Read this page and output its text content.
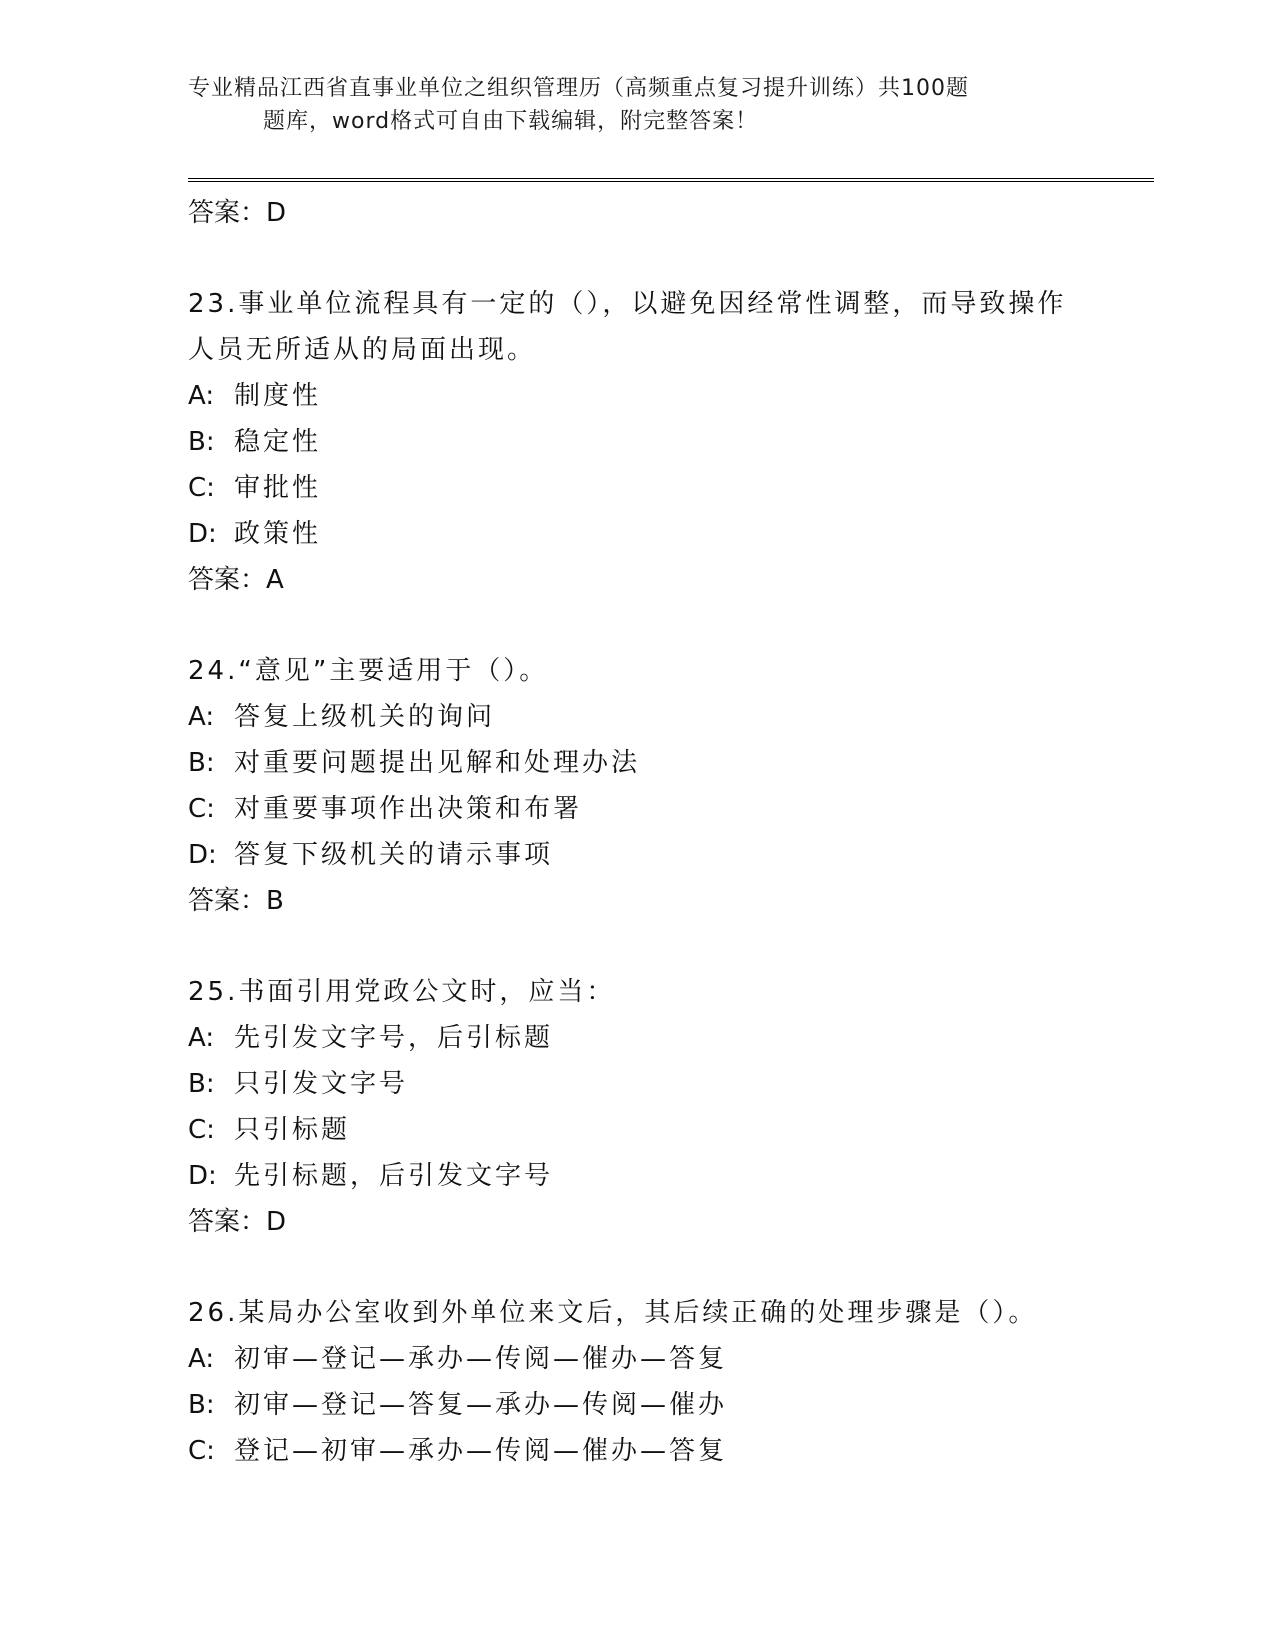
专业精品江西省直事业单位之组织管理历（高频重点复习提升训练）共100题
题库，word格式可自由下载编辑，附完整答案！

答案：D

23.事业单位流程具有一定的（），以避免因经常性调整，而导致操作

人员无所适从的局面出现。

A: 制度性

B: 稳定性

C: 审批性

D: 政策性

答案：A

24.“意见”主要适用于（）。

A: 答复上级机关的询问

B: 对重要问题提出见解和处理办法

C: 对重要事项作出决策和布署

D: 答复下级机关的请示事项

答案：B

25.书面引用党政公文时，应当：

A: 先引发文字号，后引标题

B: 只引发文字号

C: 只引标题

D: 先引标题，后引发文字号

答案：D

26.某局办公室收到外单位来文后，其后续正确的处理步骤是（）。

A: 初审—登记—承办—传阅—催办—答复

B: 初审—登记—答复—承办—传阅—催办

C: 登记—初审—承办—传阅—催办—答复
